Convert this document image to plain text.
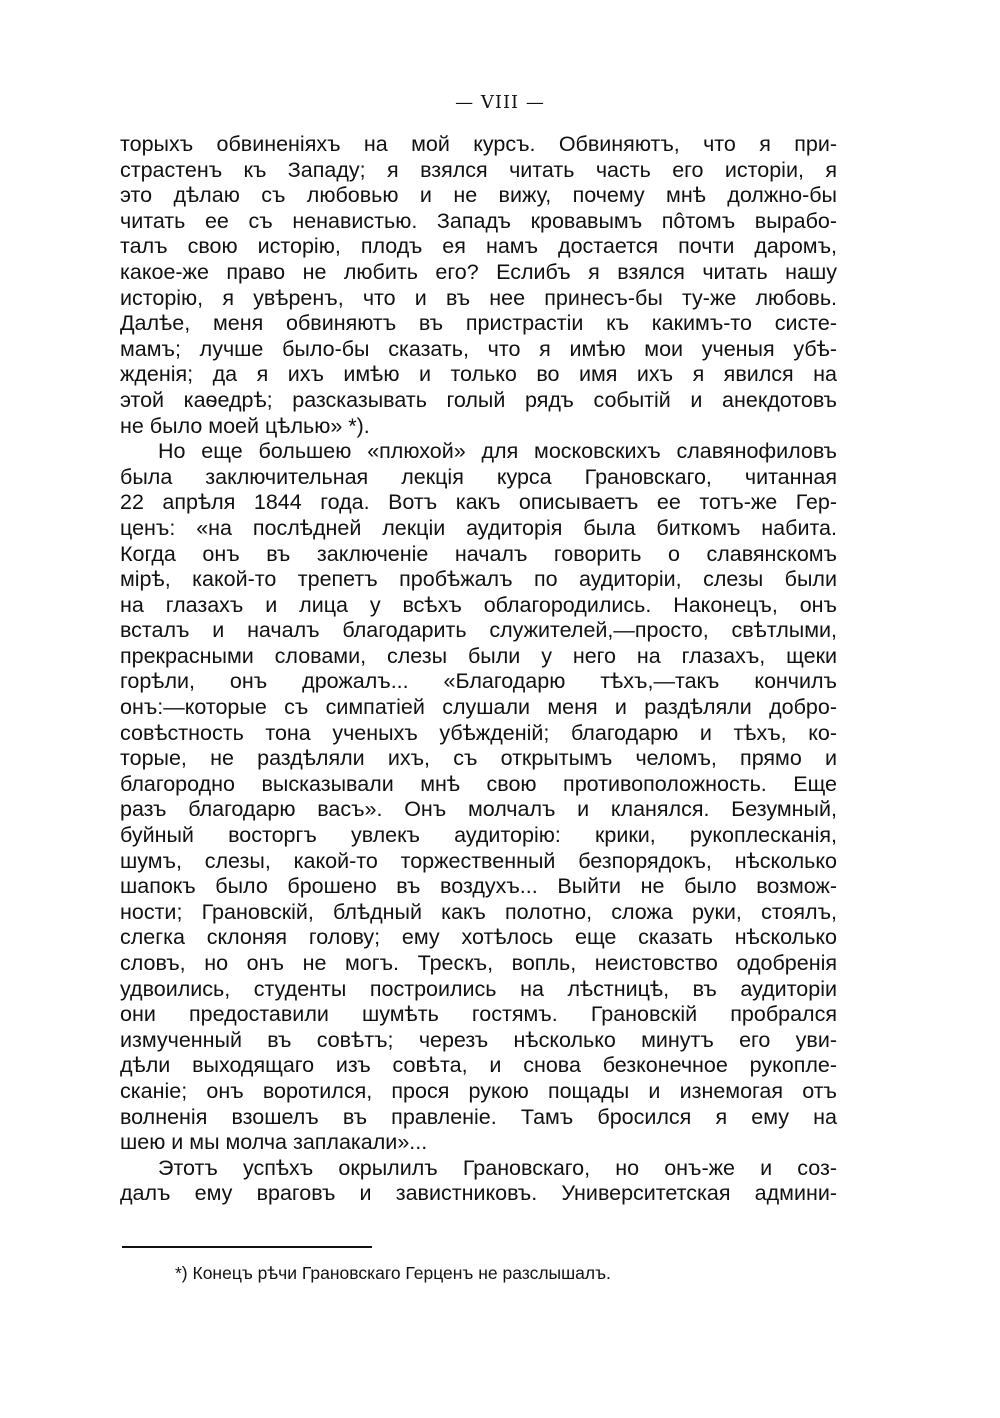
— VIII —
торыхъ обвиненіяхъ на мой курсъ. Обвиняютъ, что я при-
страстенъ къ Западу; я взялся читать часть его исторіи, я
это дѣлаю съ любовью и не вижу, почему мнѣ должно-бы
читать ее съ ненавистью. Западъ кровавымъ пôтомъ вырабо-
талъ свою исторію, плодъ ея намъ достается почти даромъ,
какое-же право не любить его? Еслибъ я взялся читать нашу
исторію, я увѣренъ, что и въ нее принесъ-бы ту-же любовь.
Далѣе, меня обвиняютъ въ пристрастіи къ какимъ-то систе-
мамъ; лучше было-бы сказать, что я имѣю мои ученыя убѣ-
жденія; да я ихъ имѣю и только во имя ихъ я явился на
этой каѳедрѣ; разсказывать голый рядъ событій и анекдотовъ
не было моей цѣлью» *).
Но еще большею «плюхой» для московскихъ славянофиловъ
была заключительная лекція курса Грановскаго, читанная
22 апрѣля 1844 года. Вотъ какъ описываетъ ее тотъ-же Гер-
ценъ: «на послѣдней лекціи аудиторія была биткомъ набита.
Когда онъ въ заключеніе началъ говорить о славянскомъ
мірѣ, какой-то трепетъ пробѣжалъ по аудиторіи, слезы были
на глазахъ и лица у всѣхъ облагородились. Наконецъ, онъ
всталъ и началъ благодарить служителей,—просто, свѣтлыми,
прекрасными словами, слезы были у него на глазахъ, щеки
горѣли, онъ дрожалъ... «Благодарю тѣхъ,—такъ кончилъ
онъ:—которые съ симпатіей слушали меня и раздѣляли добро-
совѣстность тона ученыхъ убѣжденій; благодарю и тѣхъ, ко-
торые, не раздѣляли ихъ, съ открытымъ челомъ, прямо и
благородно высказывали мнѣ свою противоположность. Еще
разъ благодарю васъ». Онъ молчалъ и кланялся. Безумный,
буйный восторгъ увлекъ аудиторію: крики, рукоплесканія,
шумъ, слезы, какой-то торжественный безпорядокъ, нѣсколько
шапокъ было брошено въ воздухъ... Выйти не было возмож-
ности; Грановскій, блѣдный какъ полотно, сложа руки, стоялъ,
слегка склоняя голову; ему хотѣлось еще сказать нѣсколько
словъ, но онъ не могъ. Трескъ, вопль, неистовство одобренія
удвоились, студенты построились на лѣстницѣ, въ аудиторіи
они предоставили шумѣть гостямъ. Грановскій пробрался
измученный въ совѣтъ; черезъ нѣсколько минутъ его уви-
дѣли выходящаго изъ совѣта, и снова безконечное рукопле-
сканіе; онъ воротился, прося рукою пощады и изнемогая отъ
волненія взошелъ въ правленіе. Тамъ бросился я ему на
шею и мы молча заплакали»...
Этотъ успѣхъ окрылилъ Грановскаго, но онъ-же и соз-
далъ ему враговъ и завистниковъ. Университетская админи-
*) Конецъ рѣчи Грановскаго Герценъ не разслышалъ.
